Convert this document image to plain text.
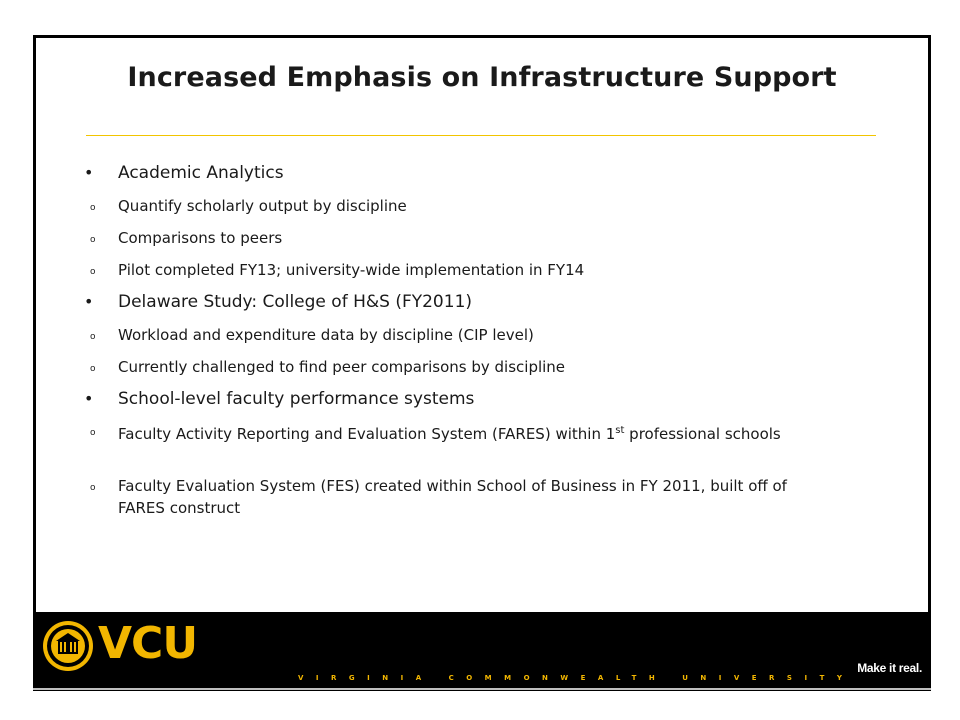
Increased Emphasis on Infrastructure Support
• Academic Analytics
o Quantify scholarly output by discipline
o Comparisons to peers
o Pilot completed FY13; university-wide implementation in FY14
• Delaware Study: College of H&S (FY2011)
o Workload and expenditure data by discipline (CIP level)
o Currently challenged to find peer comparisons by discipline
• School-level faculty performance systems
o Faculty Activity Reporting and Evaluation System (FARES) within 1st professional schools
o Faculty Evaluation System (FES) created within School of Business in FY 2011, built off of FARES construct
VCU
VIRGINIA COMMONWEALTH UNIVERSITY
Make it real.
